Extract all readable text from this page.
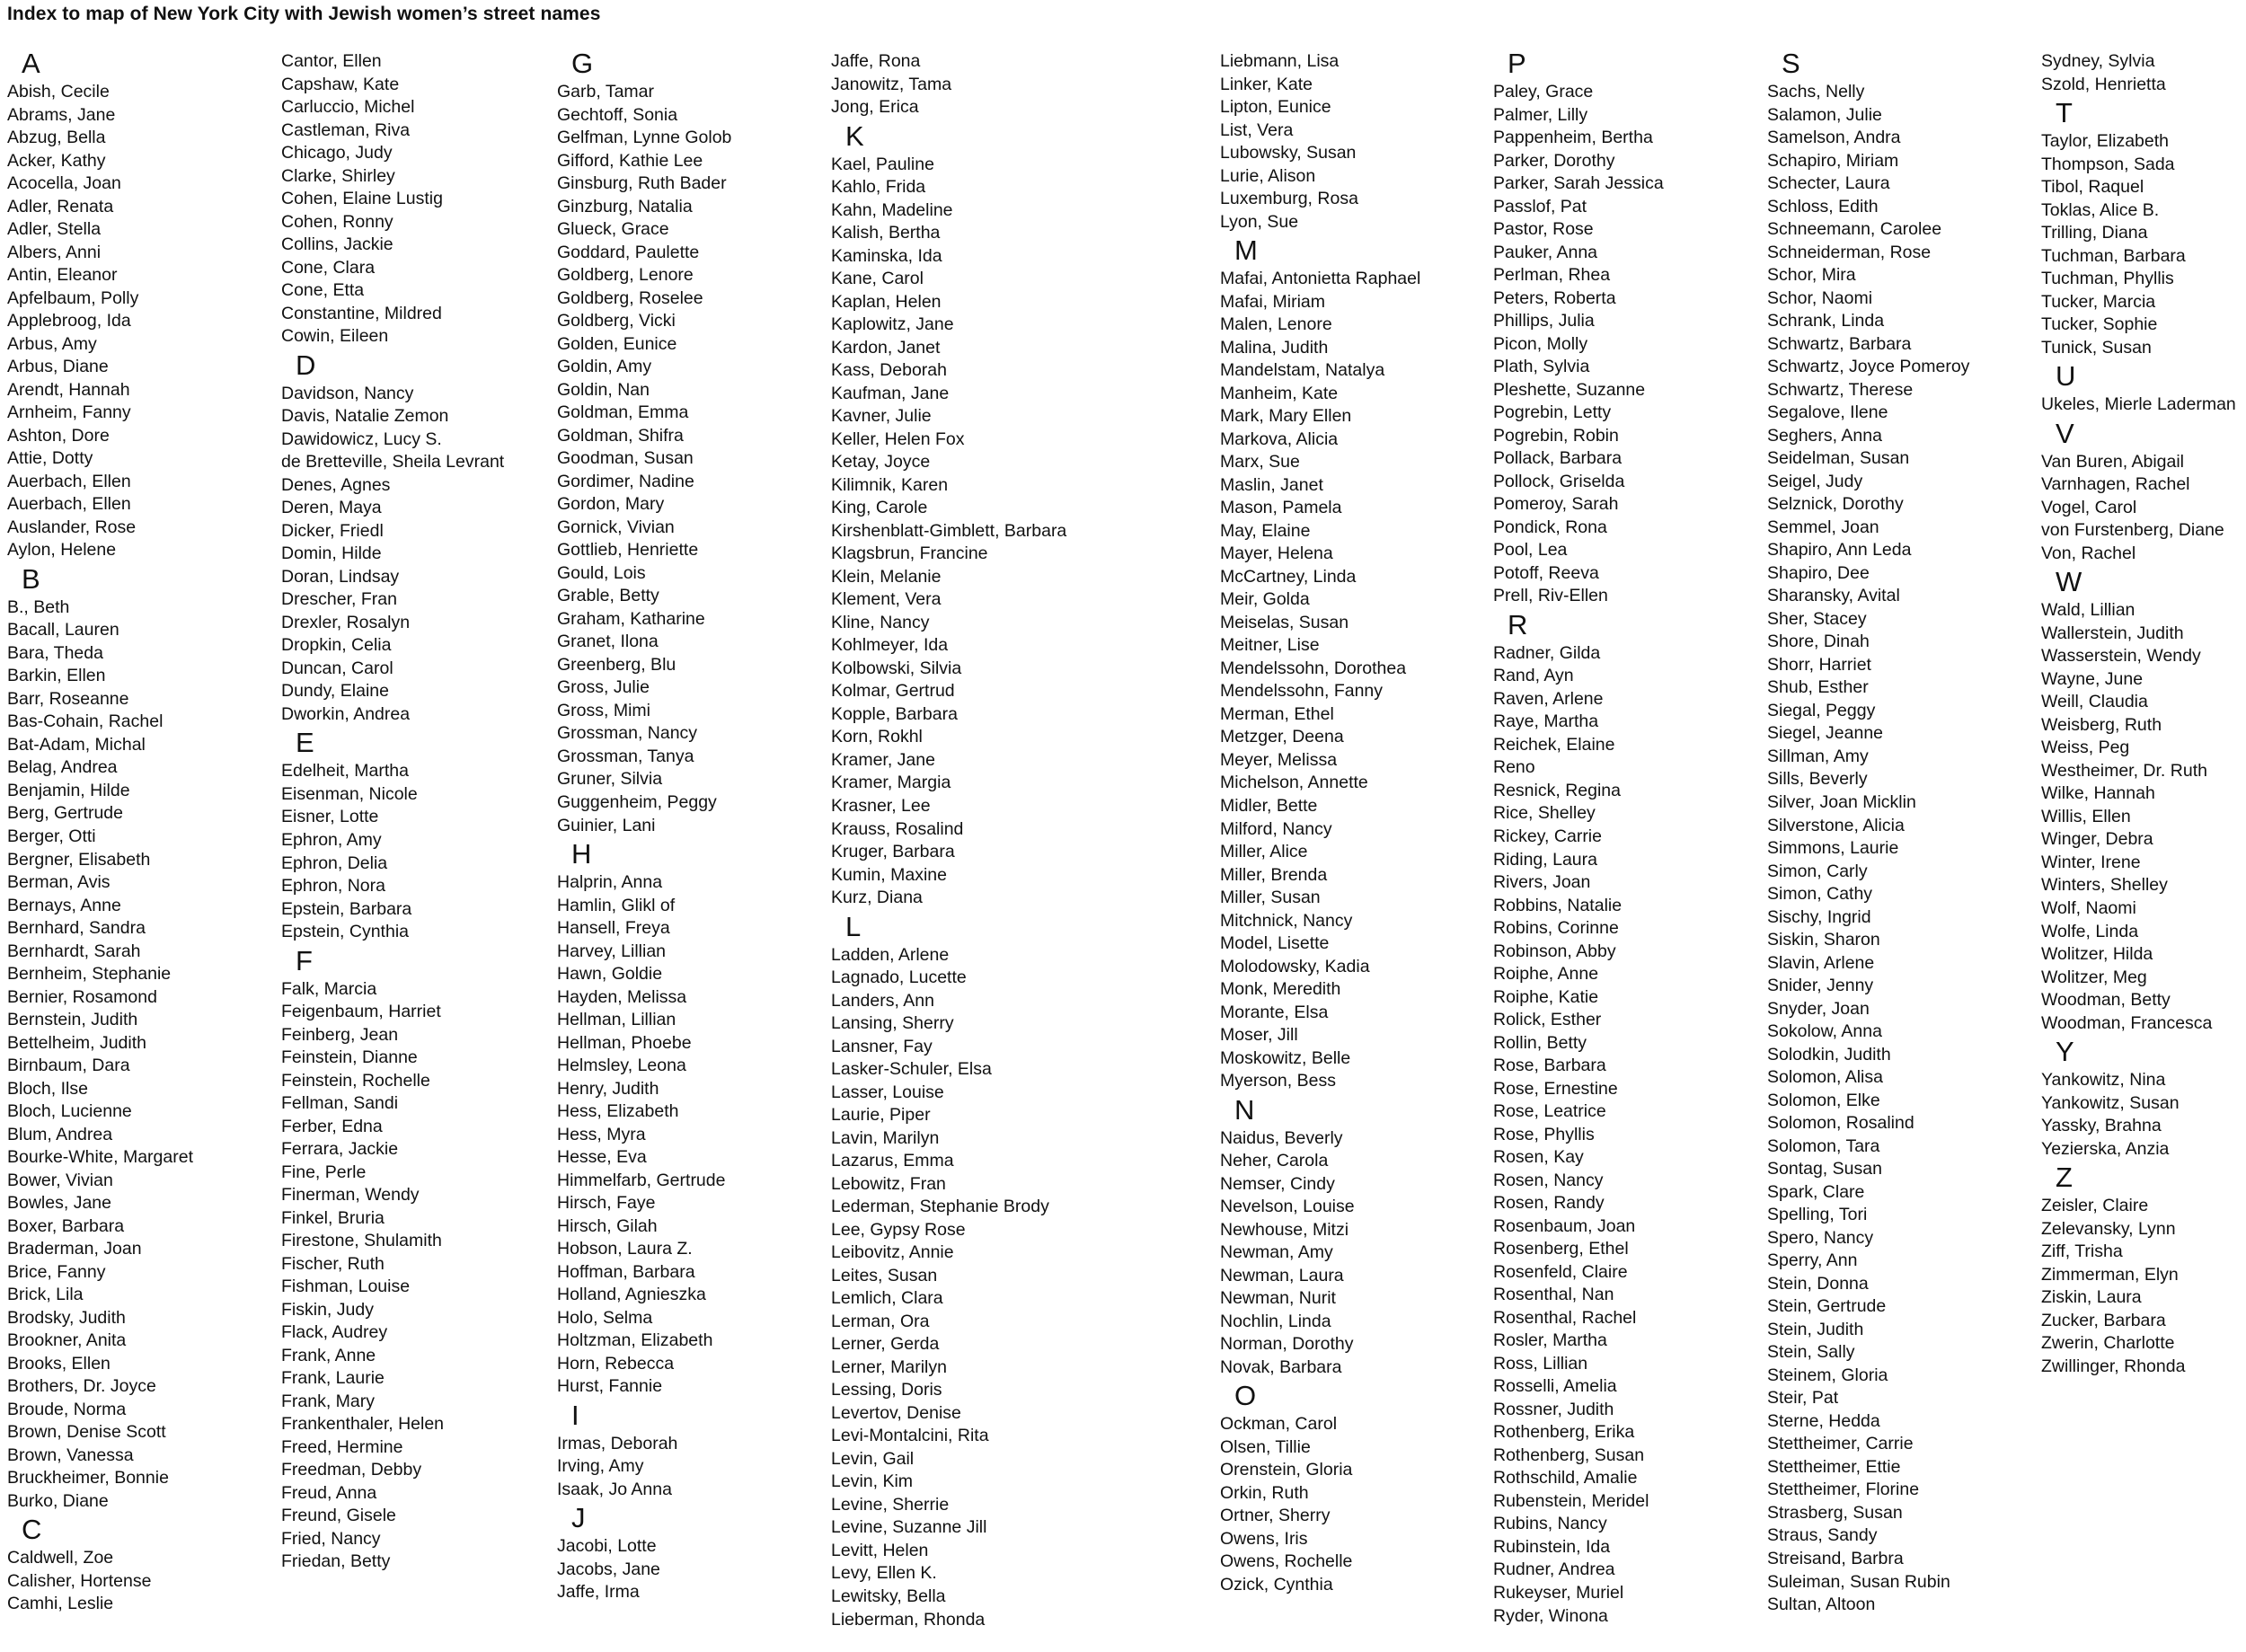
Index to map of New York City with Jewish women’s street names
A
Abish, Cecile
Abrams, Jane
Abzug, Bella
Acker, Kathy
Acocella, Joan
Adler, Renata
Adler, Stella
Albers, Anni
Antin, Eleanor
Apfelbaum, Polly
Applebroog, Ida
Arbus, Amy
Arbus, Diane
Arendt, Hannah
Arnheim, Fanny
Ashton, Dore
Attie, Dotty
Auerbach, Ellen
Auerbach, Ellen
Auslander, Rose
Aylon, Helene
B
B., Beth
Bacall, Lauren
Bara, Theda
Barkin, Ellen
Barr, Roseanne
Bas-Cohain, Rachel
Bat-Adam, Michal
Belag, Andrea
Benjamin, Hilde
Berg, Gertrude
Berger, Otti
Bergner, Elisabeth
Berman, Avis
Bernays, Anne
Bernhard, Sandra
Bernhardt, Sarah
Bernheim, Stephanie
Bernier, Rosamond
Bernstein, Judith
Bettelheim, Judith
Birnbaum, Dara
Bloch, Ilse
Bloch, Lucienne
Blum, Andrea
Bourke-White, Margaret
Bower, Vivian
Bowles, Jane
Boxer, Barbara
Braderman, Joan
Brice, Fanny
Brick, Lila
Brodsky, Judith
Brookner, Anita
Brooks, Ellen
Brothers, Dr. Joyce
Broude, Norma
Brown, Denise Scott
Brown, Vanessa
Bruckheimer, Bonnie
Burko, Diane
C
Caldwell, Zoe
Calisher, Hortense
Camhi, Leslie
Cantor, Ellen
Capshaw, Kate
Carluccio, Michel
Castleman, Riva
Chicago, Judy
Clarke, Shirley
Cohen, Elaine Lustig
Cohen, Ronny
Collins, Jackie
Cone, Clara
Cone, Etta
Constantine, Mildred
Cowin, Eileen
D
Davidson, Nancy
Davis, Natalie Zemon
Dawidowicz, Lucy S.
de Bretteville, Sheila Levrant
Denes, Agnes
Deren, Maya
Dicker, Friedl
Domin, Hilde
Doran, Lindsay
Drescher, Fran
Drexler, Rosalyn
Dropkin, Celia
Duncan, Carol
Dundy, Elaine
Dworkin, Andrea
E
Edelheit, Martha
Eisenman, Nicole
Eisner, Lotte
Ephron, Amy
Ephron, Delia
Ephron, Nora
Epstein, Barbara
Epstein, Cynthia
F
Falk, Marcia
Feigenbaum, Harriet
Feinberg, Jean
Feinstein, Dianne
Feinstein, Rochelle
Fellman, Sandi
Ferber, Edna
Ferrara, Jackie
Fine, Perle
Finerman, Wendy
Finkel, Bruria
Firestone, Shulamith
Fischer, Ruth
Fishman, Louise
Fiskin, Judy
Flack, Audrey
Frank, Anne
Frank, Laurie
Frank, Mary
Frankenthaler, Helen
Freed, Hermine
Freedman, Debby
Freud, Anna
Freund, Gisele
Fried, Nancy
Friedan, Betty
G
Garb, Tamar
Gechtoff, Sonia
Gelfman, Lynne Golob
Gifford, Kathie Lee
Ginsburg, Ruth Bader
Ginzburg, Natalia
Glueck, Grace
Goddard, Paulette
Goldberg, Lenore
Goldberg, Roselee
Goldberg, Vicki
Golden, Eunice
Goldin, Amy
Goldin, Nan
Goldman, Emma
Goldman, Shifra
Goodman, Susan
Gordimer, Nadine
Gordon, Mary
Gornick, Vivian
Gottlieb, Henriette
Gould, Lois
Grable, Betty
Graham, Katharine
Granet, Ilona
Greenberg, Blu
Gross, Julie
Gross, Mimi
Grossman, Nancy
Grossman, Tanya
Gruner, Silvia
Guggenheim, Peggy
Guinier, Lani
H
Halprin, Anna
Hamlin, Glikl of
Hansell, Freya
Harvey, Lillian
Hawn, Goldie
Hayden, Melissa
Hellman, Lillian
Hellman, Phoebe
Helmsley, Leona
Henry, Judith
Hess, Elizabeth
Hess, Myra
Hesse, Eva
Himmelfarb, Gertrude
Hirsch, Faye
Hirsch, Gilah
Hobson, Laura Z.
Hoffman, Barbara
Holland, Agnieszka
Holo, Selma
Holtzman, Elizabeth
Horn, Rebecca
Hurst, Fannie
I
Irmas, Deborah
Irving, Amy
Isaak, Jo Anna
J
Jacobi, Lotte
Jacobs, Jane
Jaffe, Irma
Jaffe, Rona
Janowitz, Tama
Jong, Erica
K
Kael, Pauline
Kahlo, Frida
Kahn, Madeline
Kalish, Bertha
Kaminska, Ida
Kane, Carol
Kaplan, Helen
Kaplowitz, Jane
Kardon, Janet
Kass, Deborah
Kaufman, Jane
Kavner, Julie
Keller, Helen Fox
Ketay, Joyce
Kilimnik, Karen
King, Carole
Kirshenblatt-Gimblett, Barbara
Klagsbrun, Francine
Klein, Melanie
Klement, Vera
Kline, Nancy
Kohlmeyer, Ida
Kolbowski, Silvia
Kolmar, Gertrud
Kopple, Barbara
Korn, Rokhl
Kramer, Jane
Kramer, Margia
Krasner, Lee
Krauss, Rosalind
Kruger, Barbara
Kumin, Maxine
Kurz, Diana
L
Ladden, Arlene
Lagnado, Lucette
Landers, Ann
Lansing, Sherry
Lansner, Fay
Lasker-Schuler, Elsa
Lasser, Louise
Laurie, Piper
Lavin, Marilyn
Lazarus, Emma
Lebowitz, Fran
Lederman, Stephanie Brody
Lee, Gypsy Rose
Leibovitz, Annie
Leites, Susan
Lemlich, Clara
Lerman, Ora
Lerner, Gerda
Lerner, Marilyn
Lessing, Doris
Levertov, Denise
Levi-Montalcini, Rita
Levin, Gail
Levin, Kim
Levine, Sherrie
Levine, Suzanne Jill
Levitt, Helen
Levy, Ellen K.
Lewitsky, Bella
Lieberman, Rhonda
Liebmann, Lisa
Linker, Kate
Lipton, Eunice
List, Vera
Lubowsky, Susan
Lurie, Alison
Luxemburg, Rosa
Lyon, Sue
M
Mafai, Antonietta Raphael
Mafai, Miriam
Malen, Lenore
Malina, Judith
Mandelstam, Natalya
Manheim, Kate
Mark, Mary Ellen
Markova, Alicia
Marx, Sue
Maslin, Janet
Mason, Pamela
May, Elaine
Mayer, Helena
McCartney, Linda
Meir, Golda
Meiselas, Susan
Meitner, Lise
Mendelssohn, Dorothea
Mendelssohn, Fanny
Merman, Ethel
Metzger, Deena
Meyer, Melissa
Michelson, Annette
Midler, Bette
Milford, Nancy
Miller, Alice
Miller, Brenda
Miller, Susan
Mitchnick, Nancy
Model, Lisette
Molodowsky, Kadia
Monk, Meredith
Morante, Elsa
Moser, Jill
Moskowitz, Belle
Myerson, Bess
N
Naidus, Beverly
Neher, Carola
Nemser, Cindy
Nevelson, Louise
Newhouse, Mitzi
Newman, Amy
Newman, Laura
Newman, Nurit
Nochlin, Linda
Norman, Dorothy
Novak, Barbara
O
Ockman, Carol
Olsen, Tillie
Orenstein, Gloria
Orkin, Ruth
Ortner, Sherry
Owens, Iris
Owens, Rochelle
Ozick, Cynthia
P
Paley, Grace
Palmer, Lilly
Pappenheim, Bertha
Parker, Dorothy
Parker, Sarah Jessica
Passlof, Pat
Pastor, Rose
Pauker, Anna
Perlman, Rhea
Peters, Roberta
Phillips, Julia
Picon, Molly
Plath, Sylvia
Pleshette, Suzanne
Pogrebin, Letty
Pogrebin, Robin
Pollack, Barbara
Pollock, Griselda
Pomeroy, Sarah
Pondick, Rona
Pool, Lea
Potoff, Reeva
Prell, Riv-Ellen
R
Radner, Gilda
Rand, Ayn
Raven, Arlene
Raye, Martha
Reichek, Elaine
Reno
Resnick, Regina
Rice, Shelley
Rickey, Carrie
Riding, Laura
Rivers, Joan
Robbins, Natalie
Robins, Corinne
Robinson, Abby
Roiphe, Anne
Roiphe, Katie
Rolick, Esther
Rollin, Betty
Rose, Barbara
Rose, Ernestine
Rose, Leatrice
Rose, Phyllis
Rosen, Kay
Rosen, Nancy
Rosen, Randy
Rosenbaum, Joan
Rosenberg, Ethel
Rosenfeld, Claire
Rosenthal, Nan
Rosenthal, Rachel
Rosler, Martha
Ross, Lillian
Rosselli, Amelia
Rossner, Judith
Rothenberg, Erika
Rothenberg, Susan
Rothschild, Amalie
Rubenstein, Meridel
Rubins, Nancy
Rubinstein, Ida
Rudner, Andrea
Rukeyser, Muriel
Ryder, Winona
S
Sachs, Nelly
Salamon, Julie
Samelson, Andra
Schapiro, Miriam
Schecter, Laura
Schloss, Edith
Schneemann, Carolee
Schneiderman, Rose
Schor, Mira
Schor, Naomi
Schrank, Linda
Schwartz, Barbara
Schwartz, Joyce Pomeroy
Schwartz, Therese
Segalove, Ilene
Seghers, Anna
Seidelman, Susan
Seigel, Judy
Selznick, Dorothy
Semmel, Joan
Shapiro, Ann Leda
Shapiro, Dee
Sharansky, Avital
Sher, Stacey
Shore, Dinah
Shorr, Harriet
Shub, Esther
Siegal, Peggy
Siegel, Jeanne
Sillman, Amy
Sills, Beverly
Silver, Joan Micklin
Silverstone, Alicia
Simmons, Laurie
Simon, Carly
Simon, Cathy
Sischy, Ingrid
Siskin, Sharon
Slavin, Arlene
Snider, Jenny
Snyder, Joan
Sokolow, Anna
Solodkin, Judith
Solomon, Alisa
Solomon, Elke
Solomon, Rosalind
Solomon, Tara
Sontag, Susan
Spark, Clare
Spelling, Tori
Spero, Nancy
Sperry, Ann
Stein, Donna
Stein, Gertrude
Stein, Judith
Stein, Sally
Steinem, Gloria
Steir, Pat
Sterne, Hedda
Stettheimer, Carrie
Stettheimer, Ettie
Stettheimer, Florine
Strasberg, Susan
Straus, Sandy
Streisand, Barbra
Suleiman, Susan Rubin
Sultan, Altoon
Sydney, Sylvia
Szold, Henrietta
T
Taylor, Elizabeth
Thompson, Sada
Tibol, Raquel
Toklas, Alice B.
Trilling, Diana
Tuchman, Barbara
Tuchman, Phyllis
Tucker, Marcia
Tucker, Sophie
Tunick, Susan
U
Ukeles, Mierle Laderman
V
Van Buren, Abigail
Varnhagen, Rachel
Vogel, Carol
von Furstenberg, Diane
Von, Rachel
W
Wald, Lillian
Wallerstein, Judith
Wasserstein, Wendy
Wayne, June
Weill, Claudia
Weisberg, Ruth
Weiss, Peg
Westheimer, Dr. Ruth
Wilke, Hannah
Willis, Ellen
Winger, Debra
Winter, Irene
Winters, Shelley
Wolf, Naomi
Wolfe, Linda
Wolitzer, Hilda
Wolitzer, Meg
Woodman, Betty
Woodman, Francesca
Y
Yankowitz, Nina
Yankowitz, Susan
Yassky, Brahna
Yezierska, Anzia
Z
Zeisler, Claire
Zelevansky, Lynn
Ziff, Trisha
Zimmerman, Elyn
Ziskin, Laura
Zucker, Barbara
Zwerin, Charlotte
Zwillinger, Rhonda
